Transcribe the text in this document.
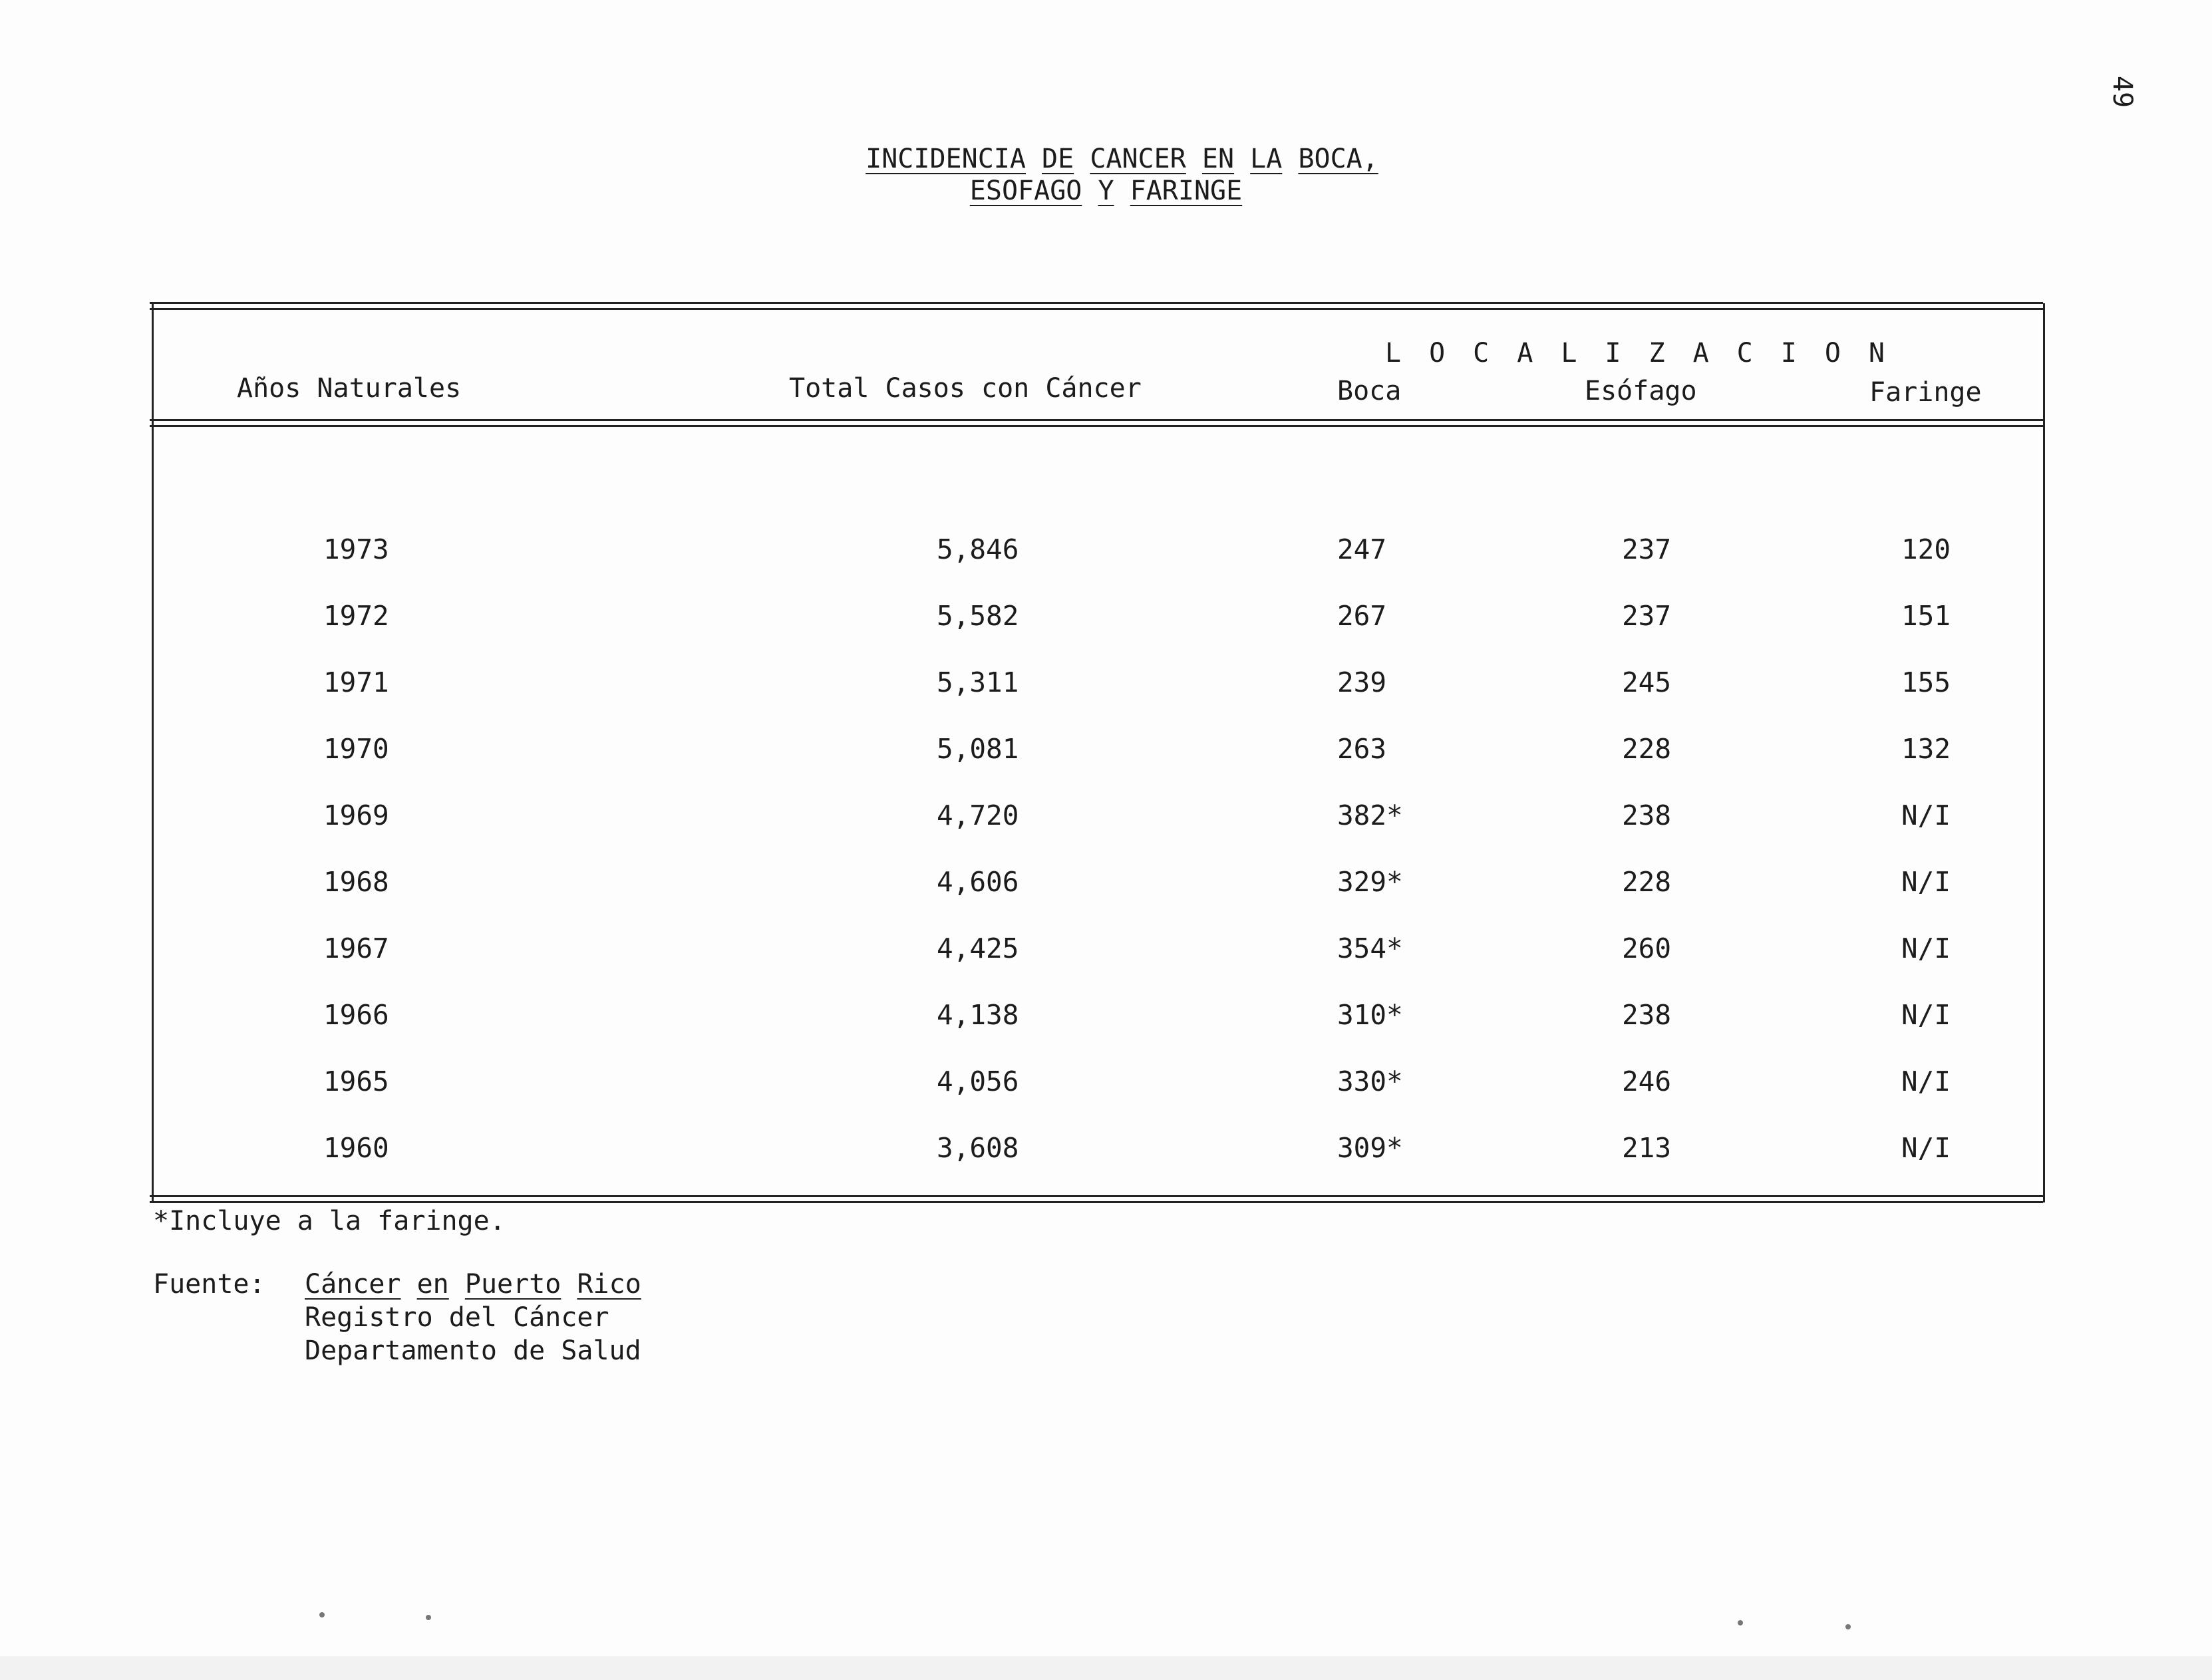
49
INCIDENCIA DE CANCER EN LA BOCA,
ESOFAGO Y FARINGE
Años Naturales	Total Casos con Cáncer
LOCALIZACION
Boca	Esófago	Faringe
1973	5,846	247	237	120
1972	5,582	267	237	151
1971	5,311	239	245	155
1970	5,081	263	228	132
1969	4,720	382*	238	N/I
1968	4,606	329*	228	N/I
1967	4,425	354*	260	N/I
1966	4,138	310*	238	N/I
1965	4,056	330*	246	N/I
1960	3,608	309*	213	N/I
*Incluye a la faringe.
Fuente: Cáncer en Puerto Rico
Registro del Cáncer
Departamento de Salud
